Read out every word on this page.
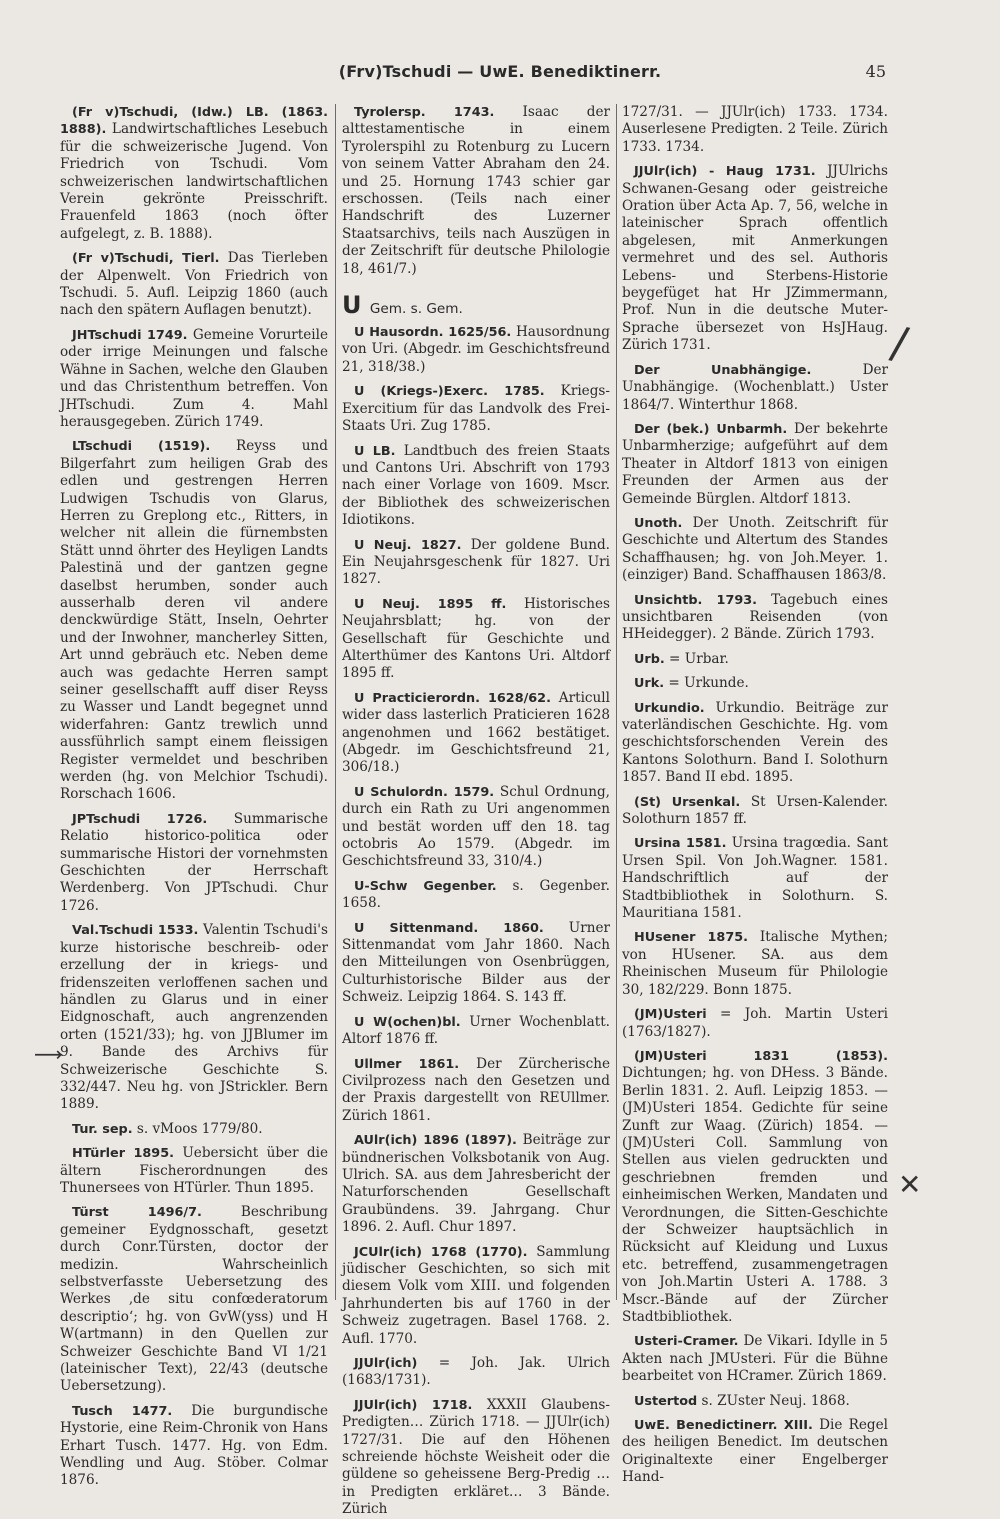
(Frv)Tschudi — UwE. Benediktinerr.	45

(Fr v)Tschudi, (Idw.) LB. (1863. 1888). Landwirtschaftliches Lesebuch für die schweizerische Jugend. Von Friedrich von Tschudi. Vom schweizerischen landwirtschaftlichen Verein gekrönte Preisschrift. Frauenfeld 1863 (noch öfter aufgelegt, z. B. 1888).

(Fr v)Tschudi, Tierl. Das Tierleben der Alpenwelt. Von Friedrich von Tschudi. 5. Aufl. Leipzig 1860 (auch nach den spätern Auflagen benutzt).

JHTschudi 1749. Gemeine Vorurteile oder irrige Meinungen und falsche Wähne in Sachen, welche den Glauben und das Christenthum betreffen. Von JHTschudi. Zum 4. Mahl herausgegeben. Zürich 1749.

LTschudi (1519). Reyss und Bilgerfahrt zum heiligen Grab des edlen und gestrengen Herren Ludwigen Tschudis von Glarus, Herren zu Greplong etc., Ritters, in welcher nit allein die fürnembsten Stätt unnd öhrter des Heyligen Landts Palestinä und der gantzen gegne daselbst herumben, sonder auch ausserhalb deren vil andere denckwürdige Stätt, Inseln, Oehrter und der Inwohner, mancherley Sitten, Art unnd gebräuch etc. Neben deme auch was gedachte Herren sampt seiner gesellschafft auff diser Reyss zu Wasser und Landt begegnet unnd widerfahren: Gantz trewlich unnd aussführlich sampt einem fleissigen Register vermeldet und beschriben werden (hg. von Melchior Tschudi). Rorschach 1606.

JPTschudi 1726. Summarische Relatio historico-politica oder summarische Histori der vornehmsten Geschichten der Herrschaft Werdenberg. Von JPTschudi. Chur 1726.

Val.Tschudi 1533. Valentin Tschudi's kurze historische beschreib- oder erzellung der in kriegs- und fridenszeiten verloffenen sachen und händlen zu Glarus und in einer Eidgnoschaft, auch angrenzenden orten (1521/33); hg. von JJBlumer im 9. Bande des Archivs für Schweizerische Geschichte S. 332/447. Neu hg. von JStrickler. Bern 1889.

Tur. sep. s. vMoos 1779/80.

HTürler 1895. Uebersicht über die ältern Fischerordnungen des Thunersees von HTürler. Thun 1895.

Türst 1496/7. Beschribung gemeiner Eydgnosschaft, gesetzt durch Conr.Türsten, doctor der medizin. Wahrscheinlich selbstverfasste Uebersetzung des Werkes ,de situ confœderatorum descriptio‘; hg. von GvW(yss) und H W(artmann) in den Quellen zur Schweizer Geschichte Band VI 1/21 (lateinischer Text), 22/43 (deutsche Uebersetzung).

Tusch 1477. Die burgundische Hystorie, eine Reim-Chronik von Hans Erhart Tusch. 1477. Hg. von Edm. Wendling und Aug. Stöber. Colmar 1876.

Tyrolersp. 1743. Isaac der alttestamentische in einem Tyrolerspihl zu Rotenburg zu Lucern von seinem Vatter Abraham den 24. und 25. Hornung 1743 schier gar erschossen. (Teils nach einer Handschrift des Luzerner Staatsarchivs, teils nach Auszügen in der Zeitschrift für deutsche Philologie 18, 461/7.)

U Gem. s. Gem.

U Hausordn. 1625/56. Hausordnung von Uri. (Abgedr. im Geschichtsfreund 21, 318/38.)

U (Kriegs-)Exerc. 1785. Kriegs-Exercitium für das Landvolk des Frei-Staats Uri. Zug 1785.

U LB. Landtbuch des freien Staats und Cantons Uri. Abschrift von 1793 nach einer Vorlage von 1609. Mscr. der Bibliothek des schweizerischen Idiotikons.

U Neuj. 1827. Der goldene Bund. Ein Neujahrsgeschenk für 1827. Uri 1827.

U Neuj. 1895 ff. Historisches Neujahrsblatt; hg. von der Gesellschaft für Geschichte und Alterthümer des Kantons Uri. Altdorf 1895 ff.

U Practicierordn. 1628/62. Articull wider dass lasterlich Praticieren 1628 angenohmen und 1662 bestätiget. (Abgedr. im Geschichtsfreund 21, 306/18.)

U Schulordn. 1579. Schul Ordnung, durch ein Rath zu Uri angenommen und bestät worden uff den 18. tag octobris Ao 1579. (Abgedr. im Geschichtsfreund 33, 310/4.)

U-Schw Gegenber. s. Gegenber. 1658.

U Sittenmand. 1860. Urner Sittenmandat vom Jahr 1860. Nach den Mitteilungen von Osenbrüggen, Culturhistorische Bilder aus der Schweiz. Leipzig 1864. S. 143 ff.

U W(ochen)bl. Urner Wochenblatt. Altorf 1876 ff.

Ullmer 1861. Der Zürcherische Civilprozess nach den Gesetzen und der Praxis dargestellt von REUllmer. Zürich 1861.

AUlr(ich) 1896 (1897). Beiträge zur bündnerischen Volksbotanik von Aug. Ulrich. SA. aus dem Jahresbericht der Naturforschenden Gesellschaft Graubündens. 39. Jahrgang. Chur 1896. 2. Aufl. Chur 1897.

JCUlr(ich) 1768 (1770). Sammlung jüdischer Geschichten, so sich mit diesem Volk vom XIII. und folgenden Jahrhunderten bis auf 1760 in der Schweiz zugetragen. Basel 1768. 2. Aufl. 1770.

JJUlr(ich) = Joh. Jak. Ulrich (1683/1731).

JJUlr(ich) 1718. XXXII Glaubens-Predigten… Zürich 1718. — JJUlr(ich) 1727/31. Die auf den Höhenen schreiende höchste Weisheit oder die güldene so geheissene Berg-Predig … in Predigten erkläret… 3 Bände. Zürich

1727/31. — JJUlr(ich) 1733. 1734. Auserlesene Predigten. 2 Teile. Zürich 1733. 1734.

JJUlr(ich) - Haug 1731. JJUlrichs Schwanen-Gesang oder geistreiche Oration über Acta Ap. 7, 56, welche in lateinischer Sprach offentlich abgelesen, mit Anmerkungen vermehret und des sel. Authoris Lebens- und Sterbens-Historie beygefüget hat Hr JZimmermann, Prof. Nun in die deutsche Muter-Sprache übersezet von HsJHaug. Zürich 1731.

Der Unabhängige. Der Unabhängige. (Wochenblatt.) Uster 1864/7. Winterthur 1868.

Der (bek.) Unbarmh. Der bekehrte Unbarmherzige; aufgeführt auf dem Theater in Altdorf 1813 von einigen Freunden der Armen aus der Gemeinde Bürglen. Altdorf 1813.

Unoth. Der Unoth. Zeitschrift für Geschichte und Altertum des Standes Schaffhausen; hg. von Joh.Meyer. 1. (einziger) Band. Schaffhausen 1863/8.

Unsichtb. 1793. Tagebuch eines unsichtbaren Reisenden (von HHeidegger). 2 Bände. Zürich 1793.

Urb. = Urbar.

Urk. = Urkunde.

Urkundio. Urkundio. Beiträge zur vaterländischen Geschichte. Hg. vom geschichtsforschenden Verein des Kantons Solothurn. Band I. Solothurn 1857. Band II ebd. 1895.

(St) Ursenkal. St Ursen-Kalender. Solothurn 1857 ff.

Ursina 1581. Ursina tragœdia. Sant Ursen Spil. Von Joh.Wagner. 1581. Handschriftlich auf der Stadtbibliothek in Solothurn. S. Mauritiana 1581.

HUsener 1875. Italische Mythen; von HUsener. SA. aus dem Rheinischen Museum für Philologie 30, 182/229. Bonn 1875.

(JM)Usteri = Joh. Martin Usteri (1763/1827).

(JM)Usteri 1831 (1853). Dichtungen; hg. von DHess. 3 Bände. Berlin 1831. 2. Aufl. Leipzig 1853. — (JM)Usteri 1854. Gedichte für seine Zunft zur Waag. (Zürich) 1854. — (JM)Usteri Coll. Sammlung von Stellen aus vielen gedruckten und geschriebnen fremden und einheimischen Werken, Mandaten und Verordnungen, die Sitten-Geschichte der Schweizer hauptsächlich in Rücksicht auf Kleidung und Luxus etc. betreffend, zusammengetragen von Joh.Martin Usteri A. 1788. 3 Mscr.-Bände auf der Zürcher Stadtbibliothek.

Usteri-Cramer. De Vikari. Idylle in 5 Akten nach JMUsteri. Für die Bühne bearbeitet von HCramer. Zürich 1869.

Ustertod s. ZUster Neuj. 1868.

UwE. Benedictinerr. XIII. Die Regel des heiligen Benedict. Im deutschen Originaltexte einer Engelberger Hand-

/
✕
⟶
